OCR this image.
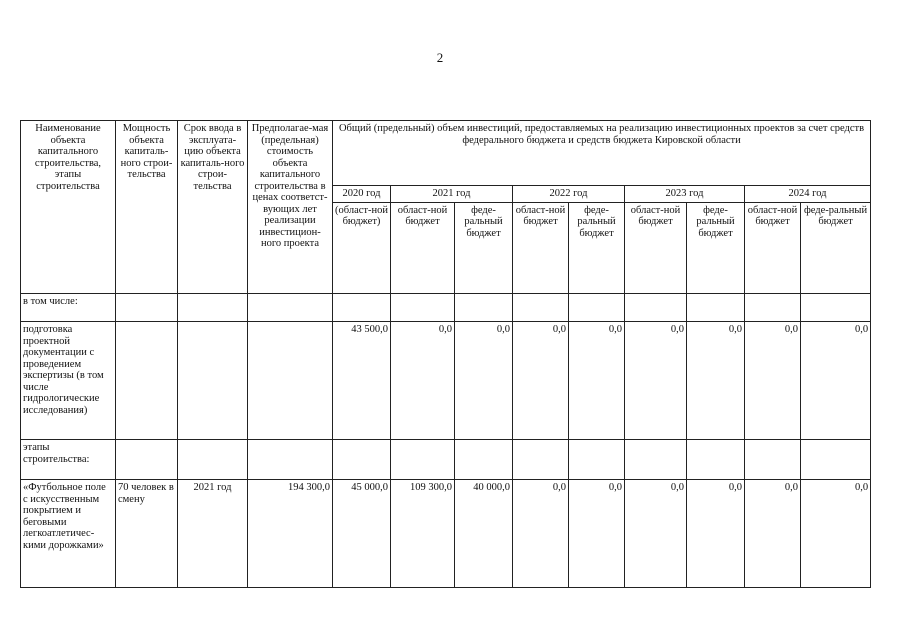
2
Наименование объекта капитального строительства, этапы строительства	Мощность объекта капиталь-ного строи-тельства	Срок ввода в эксплуата-цию объекта капиталь-ного строи-тельства	Предполагае-мая (предельная) стоимость объекта капитального строительства в ценах соответст-вующих лет реализации инвестицион-ного проекта	Общий (предельный) объем инвестиций, предоставляемых на реализацию инвестиционных проектов за счет средств федерального бюджета и средств бюджета Кировской области								
				2020 год	2021 год		2022 год		2023 год		2024 год	
				(област-ной бюджет)	област-ной бюджет	феде-ральный бюджет	област-ной бюджет	феде-ральный бюджет	област-ной бюджет	феде-ральный бюджет	област-ной бюджет	феде-ральный бюджет
в том числе:												
подготовка проектной документации с проведением экспертизы (в том числе гидрологические исследования)				43 500,0	0,0	0,0	0,0	0,0	0,0	0,0	0,0	0,0
этапы строительства:												
«Футбольное поле с искусственным покрытием и беговыми легкоатлетичес-кими дорожками»	70 человек в смену	2021 год	194 300,0	45 000,0	109 300,0	40 000,0	0,0	0,0	0,0	0,0	0,0	0,0
